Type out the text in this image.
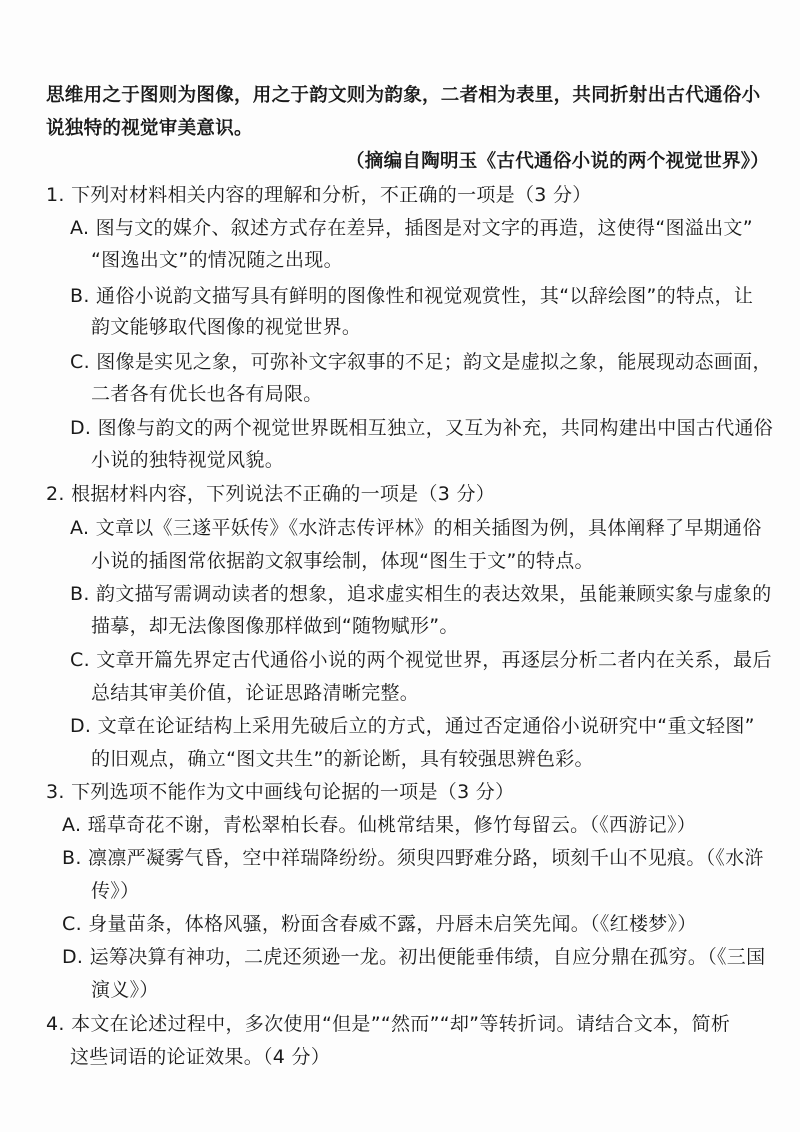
思维用之于图则为图像，用之于韵文则为韵象，二者相为表里，共同折射出古代通俗小
说独特的视觉审美意识。
（摘编自陶明玉《古代通俗小说的两个视觉世界》）
1. 下列对材料相关内容的理解和分析，不正确的一项是（3 分）
A. 图与文的媒介、叙述方式存在差异，插图是对文字的再造，这使得“图溢出文”
“图逸出文”的情况随之出现。
B. 通俗小说韵文描写具有鲜明的图像性和视觉观赏性，其“以辞绘图”的特点，让
韵文能够取代图像的视觉世界。
C. 图像是实见之象，可弥补文字叙事的不足；韵文是虚拟之象，能展现动态画面，
二者各有优长也各有局限。
D. 图像与韵文的两个视觉世界既相互独立，又互为补充，共同构建出中国古代通俗
小说的独特视觉风貌。
2. 根据材料内容，下列说法不正确的一项是（3 分）
A. 文章以《三遂平妖传》《水浒志传评林》的相关插图为例，具体阐释了早期通俗
小说的插图常依据韵文叙事绘制，体现“图生于文”的特点。
B. 韵文描写需调动读者的想象，追求虚实相生的表达效果，虽能兼顾实象与虚象的
描摹，却无法像图像那样做到“随物赋形”。
C. 文章开篇先界定古代通俗小说的两个视觉世界，再逐层分析二者内在关系，最后
总结其审美价值，论证思路清晰完整。
D. 文章在论证结构上采用先破后立的方式，通过否定通俗小说研究中“重文轻图”
的旧观点，确立“图文共生”的新论断，具有较强思辨色彩。
3. 下列选项不能作为文中画线句论据的一项是（3 分）
A. 瑶草奇花不谢，青松翠柏长春。仙桃常结果，修竹每留云。（《西游记》）
B. 凛凛严凝雾气昏，空中祥瑞降纷纷。须臾四野难分路，顷刻千山不见痕。（《水浒
传》）
C. 身量苗条，体格风骚，粉面含春威不露，丹唇未启笑先闻。（《红楼梦》）
D. 运筹决算有神功，二虎还须逊一龙。初出便能垂伟绩，自应分鼎在孤穷。（《三国
演义》）
4. 本文在论述过程中，多次使用“但是”“然而”“却”等转折词。请结合文本，简析
这些词语的论证效果。（4 分）
